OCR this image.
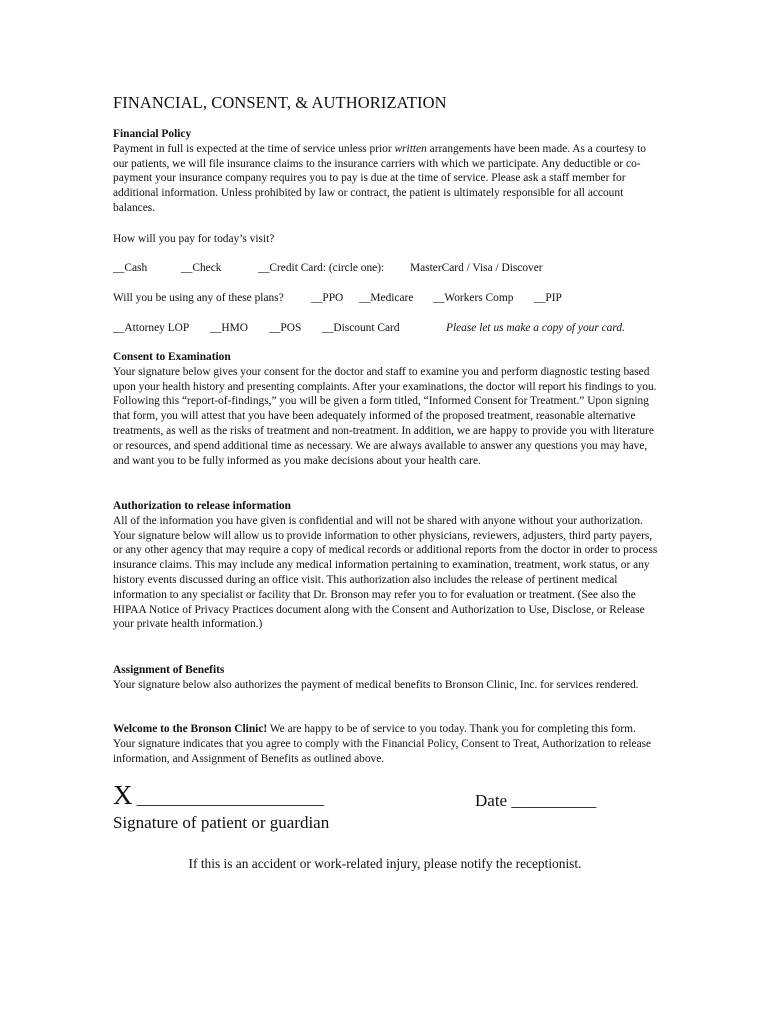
FINANCIAL, CONSENT, & AUTHORIZATION
Financial Policy

Payment in full is expected at the time of service unless prior written arrangements have been made. As a courtesy to our patients, we will file insurance claims to the insurance carriers with which we participate. Any deductible or co-payment your insurance company requires you to pay is due at the time of service. Please ask a staff member for additional information. Unless prohibited by law or contract, the patient is ultimately responsible for all account balances.

How will you pay for today’s visit?
__Cash	__Check	__Credit Card: (circle one): MasterCard / Visa / Discover
Will you be using any of these plans? __PPO __Medicare __Workers Comp __PIP
__Attorney LOP __HMO __POS __Discount Card	Please let us make a copy of your card.
Consent to Examination

Your signature below gives your consent for the doctor and staff to examine you and perform diagnostic testing based upon your health history and presenting complaints. After your examinations, the doctor will report his findings to you. Following this “report-of-findings,” you will be given a form titled, “Informed Consent for Treatment.” Upon signing that form, you will attest that you have been adequately informed of the proposed treatment, reasonable alternative treatments, as well as the risks of treatment and non-treatment. In addition, we are happy to provide you with literature or resources, and spend additional time as necessary. We are always available to answer any questions you may have, and want you to be fully informed as you make decisions about your health care.

Authorization to release information

All of the information you have given is confidential and will not be shared with anyone without your authorization. Your signature below will allow us to provide information to other physicians, reviewers, adjusters, third party payers, or any other agency that may require a copy of medical records or additional reports from the doctor in order to process insurance claims. This may include any medical information pertaining to examination, treatment, work status, or any history events discussed during an office visit. This authorization also includes the release of pertinent medical information to any specialist or facility that Dr. Bronson may refer you to for evaluation or treatment. (See also the HIPAA Notice of Privacy Practices document along with the Consent and Authorization to Use, Disclose, or Release your private health information.)

Assignment of Benefits

Your signature below also authorizes the payment of medical benefits to Bronson Clinic, Inc. for services rendered.

Welcome to the Bronson Clinic! We are happy to be of service to you today. Thank you for completing this form. Your signature indicates that you agree to comply with the Financial Policy, Consent to Treat, Authorization to release information, and Assignment of Benefits as outlined above.

X ______________________
Signature of patient or guardian
Date __________
If this is an accident or work-related injury, please notify the receptionist.
